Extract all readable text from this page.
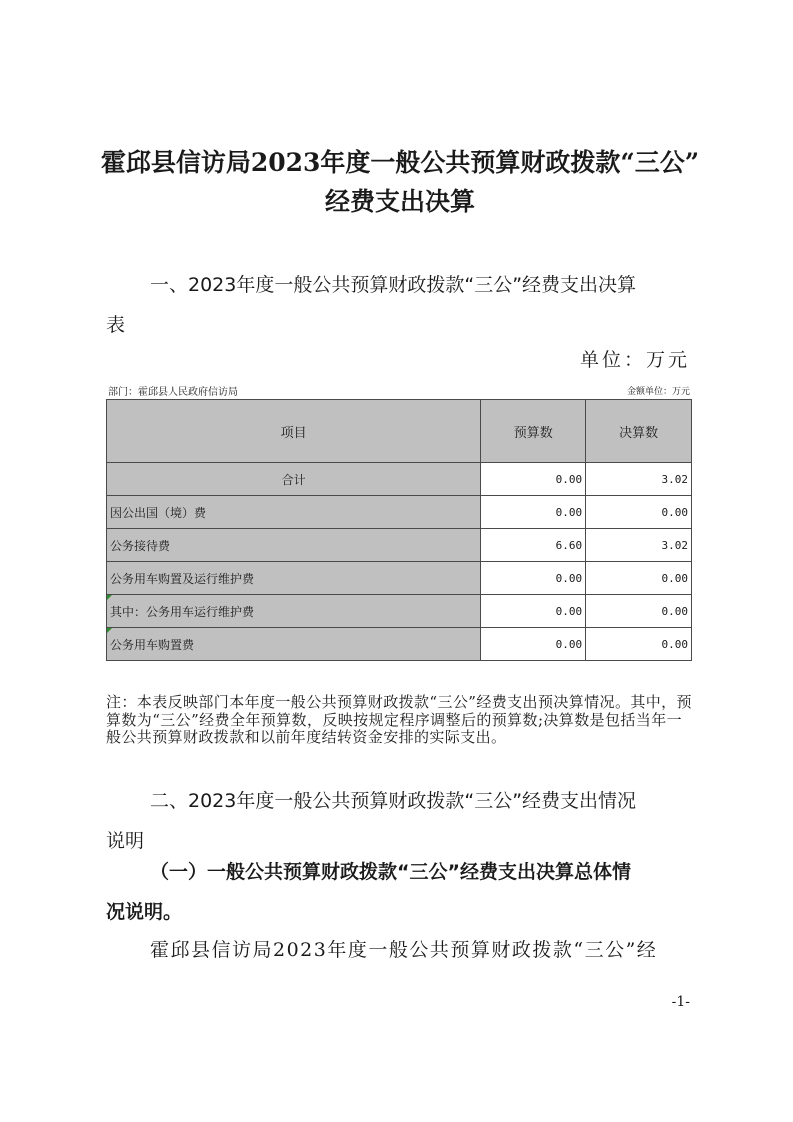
霍邱县信访局2023年度一般公共预算财政拨款“三公”
经费支出决算
一、2023年度一般公共预算财政拨款“三公”经费支出决算
表
单位：万元
部门：霍邱县人民政府信访局	金额单位：万元
项目	预算数	决算数
合计	0.00	3.02
因公出国（境）费	0.00	0.00
公务接待费	6.60	3.02
公务用车购置及运行维护费	0.00	0.00

其中：公务用车运行维护费	0.00	0.00

公务用车购置费	0.00	0.00
注：本表反映部门本年度一般公共预算财政拨款“三公”经费支出预决算情况。其中，预算数为“三公”经费全年预算数，反映按规定程序调整后的预算数;决算数是包括当年一般公共预算财政拨款和以前年度结转资金安排的实际支出。
二、2023年度一般公共预算财政拨款“三公”经费支出情况
说明
（一）一般公共预算财政拨款“三公”经费支出决算总体情
况说明。
霍邱县信访局2023年度一般公共预算财政拨款“三公”经
-1-
